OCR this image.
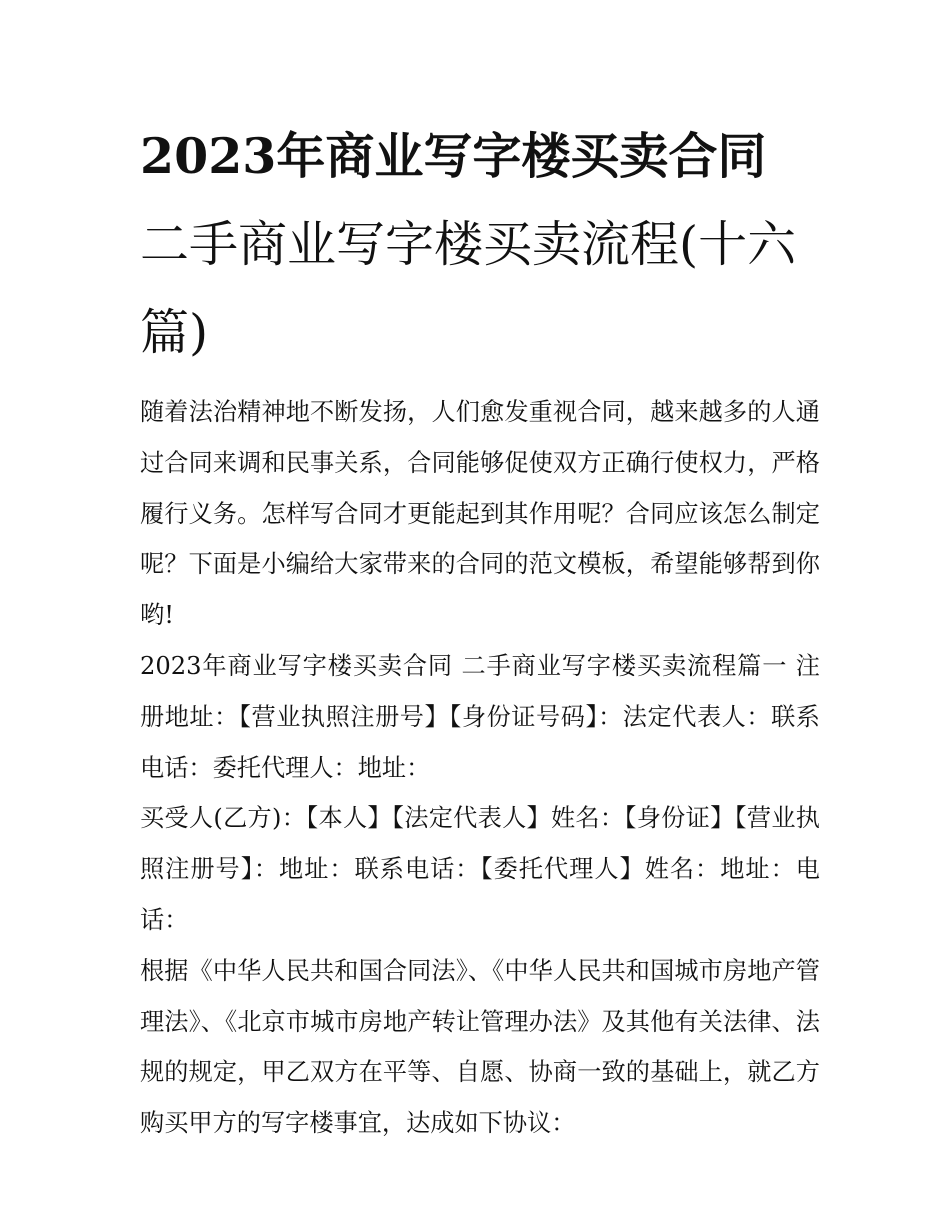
2023年商业写字楼买卖合同
二手商业写字楼买卖流程(十六篇)

随着法治精神地不断发扬，人们愈发重视合同，越来越多的人通过合同来调和民事关系，合同能够促使双方正确行使权力，严格履行义务。怎样写合同才更能起到其作用呢？合同应该怎么制定呢？下面是小编给大家带来的合同的范文模板，希望能够帮到你哟!

2023年商业写字楼买卖合同 二手商业写字楼买卖流程篇一 注册地址：【营业执照注册号】【身份证号码】：法定代表人：联系电话：委托代理人：地址：

买受人(乙方)：【本人】【法定代表人】姓名：【身份证】【营业执照注册号】：地址：联系电话：【委托代理人】姓名：地址：电话：

根据《中华人民共和国合同法》、《中华人民共和国城市房地产管理法》、《北京市城市房地产转让管理办法》及其他有关法律、法规的规定，甲乙双方在平等、自愿、协商一致的基础上，就乙方购买甲方的写字楼事宜，达成如下协议：
